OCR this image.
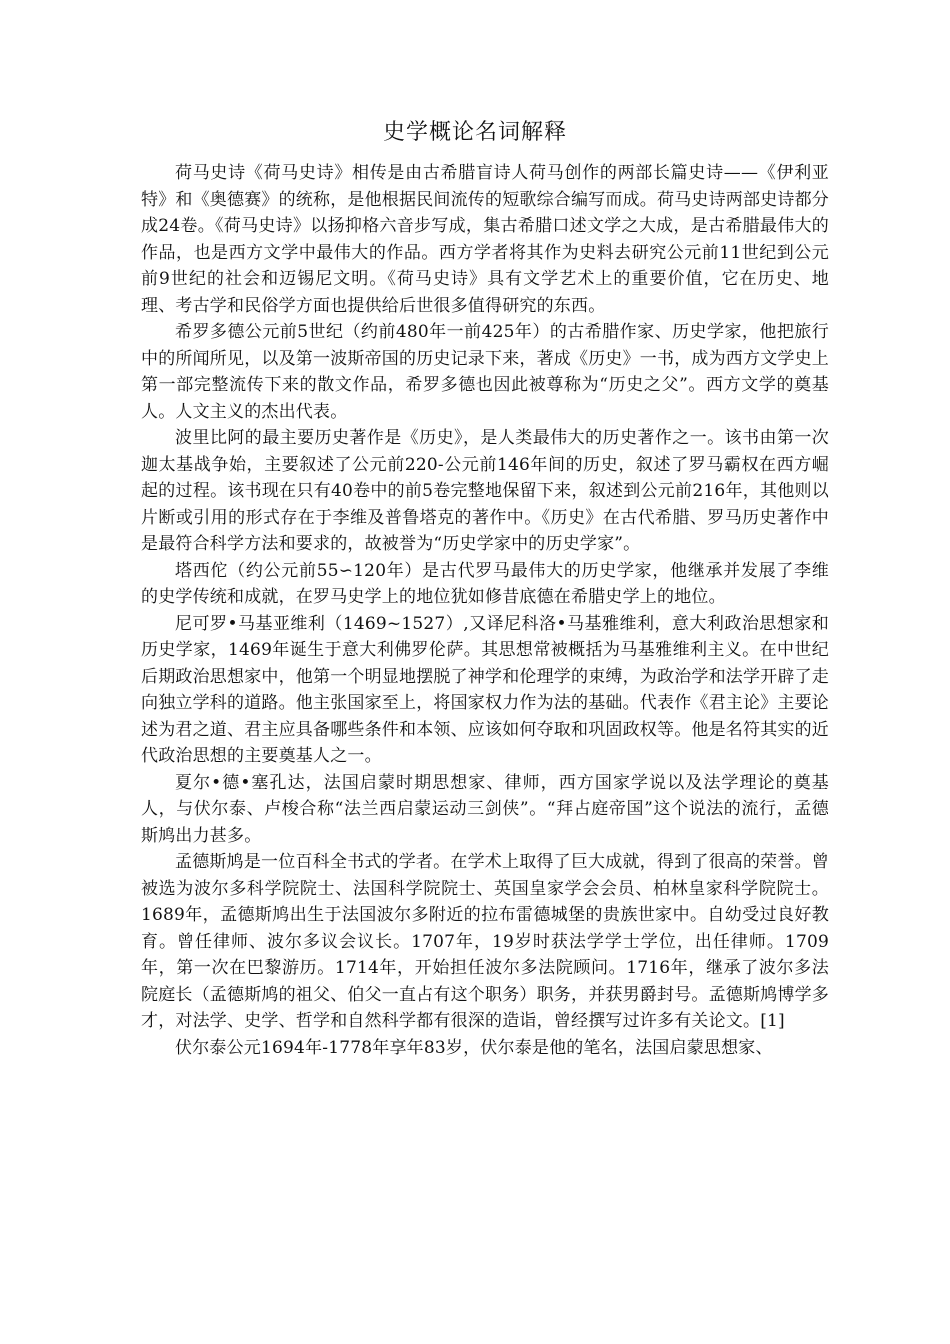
史学概论名词解释

荷马史诗《荷马史诗》相传是由古希腊盲诗人荷马创作的两部长篇史诗——《伊利亚特》和《奥德赛》的统称，是他根据民间流传的短歌综合编写而成。荷马史诗两部史诗都分成24卷。《荷马史诗》以扬抑格六音步写成，集古希腊口述文学之大成，是古希腊最伟大的作品，也是西方文学中最伟大的作品。西方学者将其作为史料去研究公元前11世纪到公元前9世纪的社会和迈锡尼文明。《荷马史诗》具有文学艺术上的重要价值，它在历史、地理、考古学和民俗学方面也提供给后世很多值得研究的东西。

希罗多德公元前5世纪（约前480年一前425年）的古希腊作家、历史学家，他把旅行中的所闻所见，以及第一波斯帝国的历史记录下来，著成《历史》一书，成为西方文学史上第一部完整流传下来的散文作品，希罗多德也因此被尊称为“历史之父”。西方文学的奠基人。人文主义的杰出代表。

波里比阿的最主要历史著作是《历史》，是人类最伟大的历史著作之一。该书由第一次迦太基战争始，主要叙述了公元前220-公元前146年间的历史，叙述了罗马霸权在西方崛起的过程。该书现在只有40卷中的前5卷完整地保留下来，叙述到公元前216年，其他则以片断或引用的形式存在于李维及普鲁塔克的著作中。《历史》在古代希腊、罗马历史著作中是最符合科学方法和要求的，故被誉为“历史学家中的历史学家”。

塔西佗（约公元前55∽120年）是古代罗马最伟大的历史学家，他继承并发展了李维的史学传统和成就，在罗马史学上的地位犹如修昔底德在希腊史学上的地位。

尼可罗•马基亚维利（1469~1527）,又译尼科洛•马基雅维利，意大利政治思想家和历史学家，1469年诞生于意大利佛罗伦萨。其思想常被概括为马基雅维利主义。在中世纪后期政治思想家中，他第一个明显地摆脱了神学和伦理学的束缚，为政治学和法学开辟了走向独立学科的道路。他主张国家至上，将国家权力作为法的基础。代表作《君主论》主要论述为君之道、君主应具备哪些条件和本领、应该如何夺取和巩固政权等。他是名符其实的近代政治思想的主要奠基人之一。

夏尔•德•塞孔达，法国启蒙时期思想家、律师，西方国家学说以及法学理论的奠基人，与伏尔泰、卢梭合称“法兰西启蒙运动三剑侠”。“拜占庭帝国”这个说法的流行，孟德斯鸠出力甚多。

孟德斯鸠是一位百科全书式的学者。在学术上取得了巨大成就，得到了很高的荣誉。曾被选为波尔多科学院院士、法国科学院院士、英国皇家学会会员、柏林皇家科学院院士。1689年，孟德斯鸠出生于法国波尔多附近的拉布雷德城堡的贵族世家中。自幼受过良好教育。曾任律师、波尔多议会议长。1707年，19岁时获法学学士学位，出任律师。1709年，第一次在巴黎游历。1714年，开始担任波尔多法院顾问。1716年，继承了波尔多法院庭长（孟德斯鸠的祖父、伯父一直占有这个职务）职务，并获男爵封号。孟德斯鸠博学多才，对法学、史学、哲学和自然科学都有很深的造诣，曾经撰写过许多有关论文。[1]

伏尔泰公元1694年-1778年享年83岁，伏尔泰是他的笔名，法国启蒙思想家、
